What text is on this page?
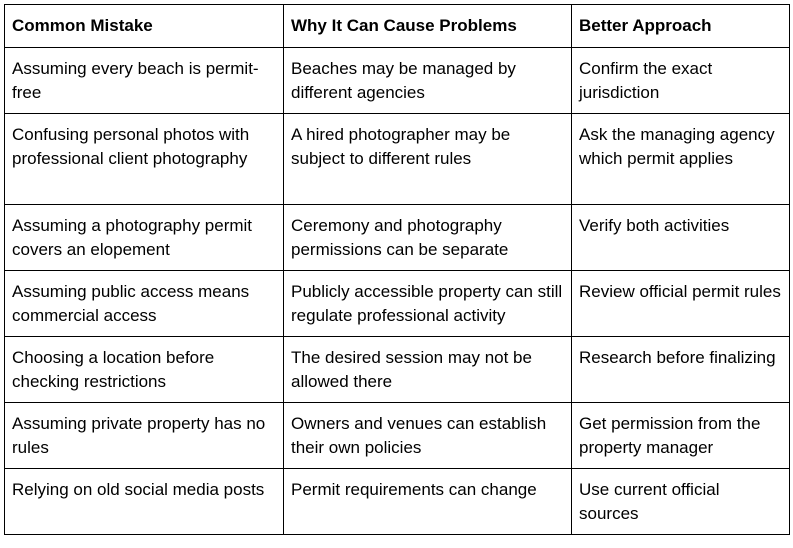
Common Mistake	Why It Can Cause Problems	Better Approach
Assuming every beach is permit-free	Beaches may be managed by different agencies	Confirm the exact jurisdiction
Confusing personal photos with professional client photography	A hired photographer may be subject to different rules	Ask the managing agency which permit applies
Assuming a photography permit covers an elopement	Ceremony and photography permissions can be separate	Verify both activities
Assuming public access means commercial access	Publicly accessible property can still regulate professional activity	Review official permit rules
Choosing a location before checking restrictions	The desired session may not be allowed there	Research before finalizing
Assuming private property has no rules	Owners and venues can establish their own policies	Get permission from the property manager
Relying on old social media posts	Permit requirements can change	Use current official sources
